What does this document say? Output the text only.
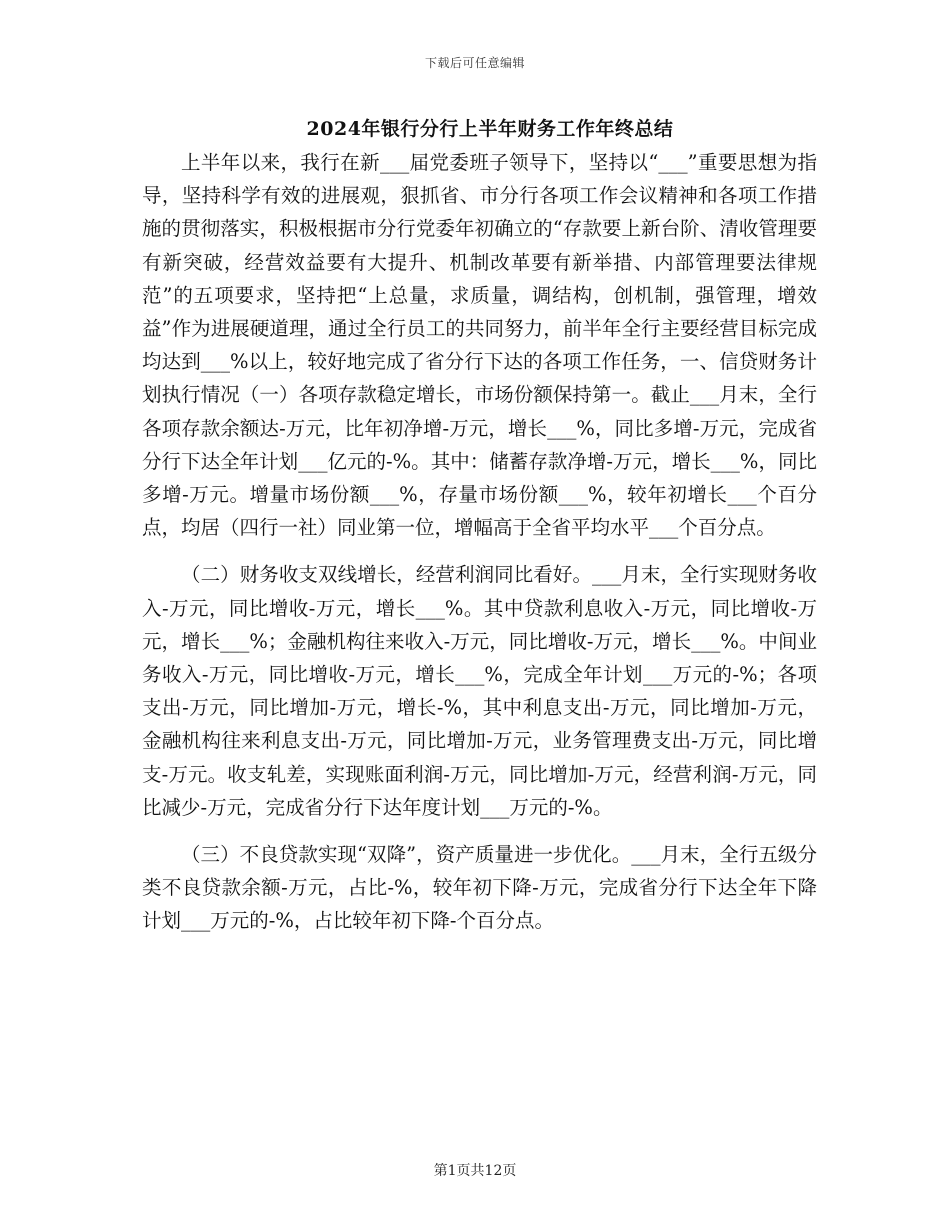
下载后可任意编辑
2024年银行分行上半年财务工作年终总结

上半年以来，我行在新___届党委班子领导下，坚持以“___”重要思想为指导，坚持科学有效的进展观，狠抓省、市分行各项工作会议精神和各项工作措施的贯彻落实，积极根据市分行党委年初确立的“存款要上新台阶、清收管理要有新突破，经营效益要有大提升、机制改革要有新举措、内部管理要法律规范”的五项要求，坚持把“上总量，求质量，调结构，创机制，强管理，增效益”作为进展硬道理，通过全行员工的共同努力，前半年全行主要经营目标完成均达到___%以上，较好地完成了省分行下达的各项工作任务，一、信贷财务计划执行情况（一）各项存款稳定增长，市场份额保持第一。截止___月末，全行各项存款余额达-万元，比年初净增-万元，增长___%，同比多增-万元，完成省分行下达全年计划___亿元的-%。其中：储蓄存款净增-万元，增长___%，同比多增-万元。增量市场份额___%，存量市场份额___%，较年初增长___个百分点，均居（四行一社）同业第一位，增幅高于全省平均水平___个百分点。

（二）财务收支双线增长，经营利润同比看好。___月末，全行实现财务收入-万元，同比增收-万元，增长___%。其中贷款利息收入-万元，同比增收-万元，增长___%；金融机构往来收入-万元，同比增收-万元，增长___%。中间业务收入-万元，同比增收-万元，增长___%，完成全年计划___万元的-%；各项支出-万元，同比增加-万元，增长-%，其中利息支出-万元，同比增加-万元，金融机构往来利息支出-万元，同比增加-万元，业务管理费支出-万元，同比增支-万元。收支轧差，实现账面利润-万元，同比增加-万元，经营利润-万元，同比减少-万元，完成省分行下达年度计划___万元的-%。

（三）不良贷款实现“双降”，资产质量进一步优化。___月末，全行五级分类不良贷款余额-万元，占比-%，较年初下降-万元，完成省分行下达全年下降计划___万元的-%，占比较年初下降-个百分点。

第1页共12页
